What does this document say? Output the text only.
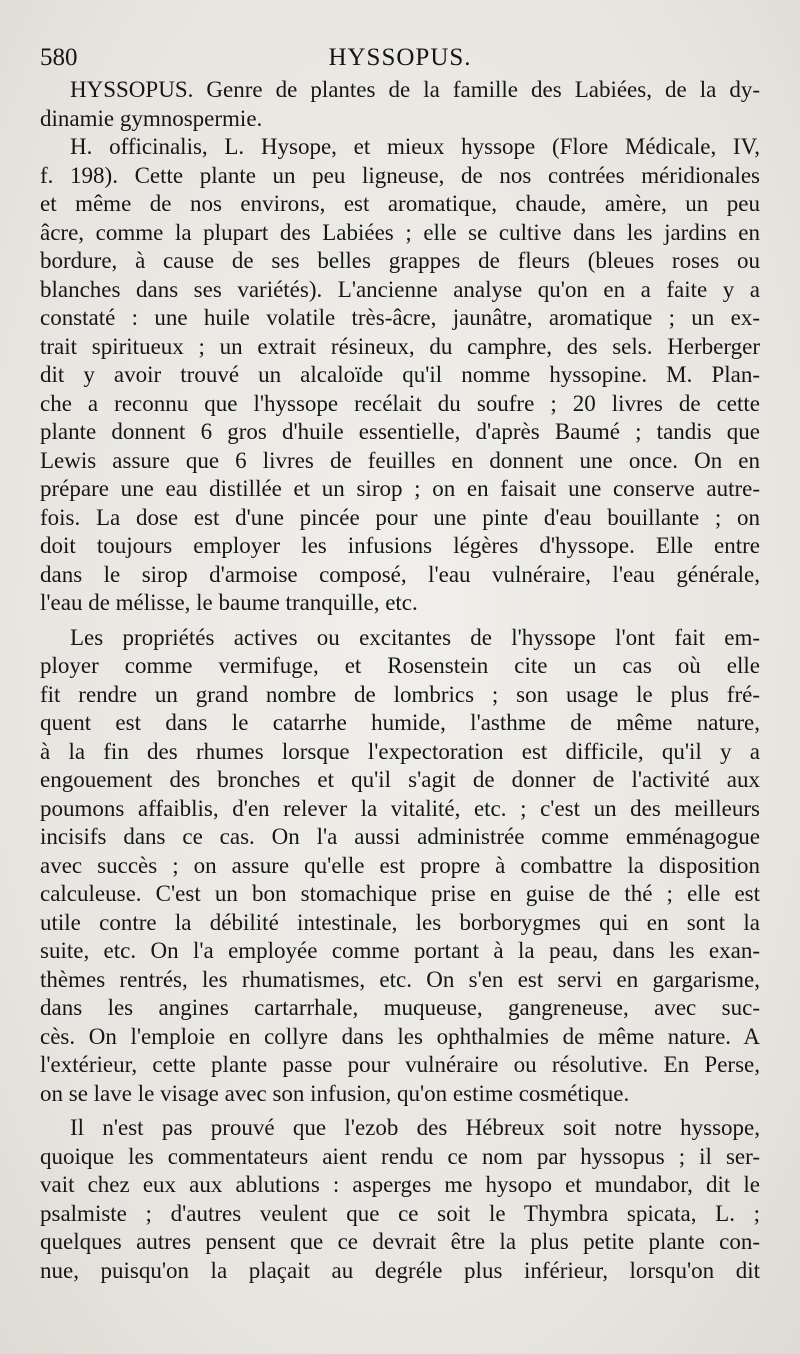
580	HYSSOPUS.
HYSSOPUS. Genre de plantes de la famille des Labiées, de la dy-
dinamie gymnospermie.
H. officinalis, L. Hysope, et mieux hyssope (Flore Médicale, IV,
f. 198). Cette plante un peu ligneuse, de nos contrées méridionales
et même de nos environs, est aromatique, chaude, amère, un peu
âcre, comme la plupart des Labiées ; elle se cultive dans les jardins en
bordure, à cause de ses belles grappes de fleurs (bleues roses ou
blanches dans ses variétés). L'ancienne analyse qu'on en a faite y a
constaté : une huile volatile très-âcre, jaunâtre, aromatique ; un ex-
trait spiritueux ; un extrait résineux, du camphre, des sels. Herberger
dit y avoir trouvé un alcaloïde qu'il nomme hyssopine. M. Plan-
che a reconnu que l'hyssope recélait du soufre ; 20 livres de cette
plante donnent 6 gros d'huile essentielle, d'après Baumé ; tandis que
Lewis assure que 6 livres de feuilles en donnent une once. On en
prépare une eau distillée et un sirop ; on en faisait une conserve autre-
fois. La dose est d'une pincée pour une pinte d'eau bouillante ; on
doit toujours employer les infusions légères d'hyssope. Elle entre
dans le sirop d'armoise composé, l'eau vulnéraire, l'eau générale,
l'eau de mélisse, le baume tranquille, etc.
Les propriétés actives ou excitantes de l'hyssope l'ont fait em-
ployer comme vermifuge, et Rosenstein cite un cas où elle
fit rendre un grand nombre de lombrics ; son usage le plus fré-
quent est dans le catarrhe humide, l'asthme de même nature,
à la fin des rhumes lorsque l'expectoration est difficile, qu'il y a
engouement des bronches et qu'il s'agit de donner de l'activité aux
poumons affaiblis, d'en relever la vitalité, etc. ; c'est un des meilleurs
incisifs dans ce cas. On l'a aussi administrée comme emménagogue
avec succès ; on assure qu'elle est propre à combattre la disposition
calculeuse. C'est un bon stomachique prise en guise de thé ; elle est
utile contre la débilité intestinale, les borborygmes qui en sont la
suite, etc. On l'a employée comme portant à la peau, dans les exan-
thèmes rentrés, les rhumatismes, etc. On s'en est servi en gargarisme,
dans les angines cartarrhale, muqueuse, gangreneuse, avec suc-
cès. On l'emploie en collyre dans les ophthalmies de même nature. A
l'extérieur, cette plante passe pour vulnéraire ou résolutive. En Perse,
on se lave le visage avec son infusion, qu'on estime cosmétique.
Il n'est pas prouvé que l'ezob des Hébreux soit notre hyssope,
quoique les commentateurs aient rendu ce nom par hyssopus ; il ser-
vait chez eux aux ablutions : asperges me hysopo et mundabor, dit le
psalmiste ; d'autres veulent que ce soit le Thymbra spicata, L. ;
quelques autres pensent que ce devrait être la plus petite plante con-
nue, puisqu'on la plaçait au degréle plus inférieur, lorsqu'on dit
